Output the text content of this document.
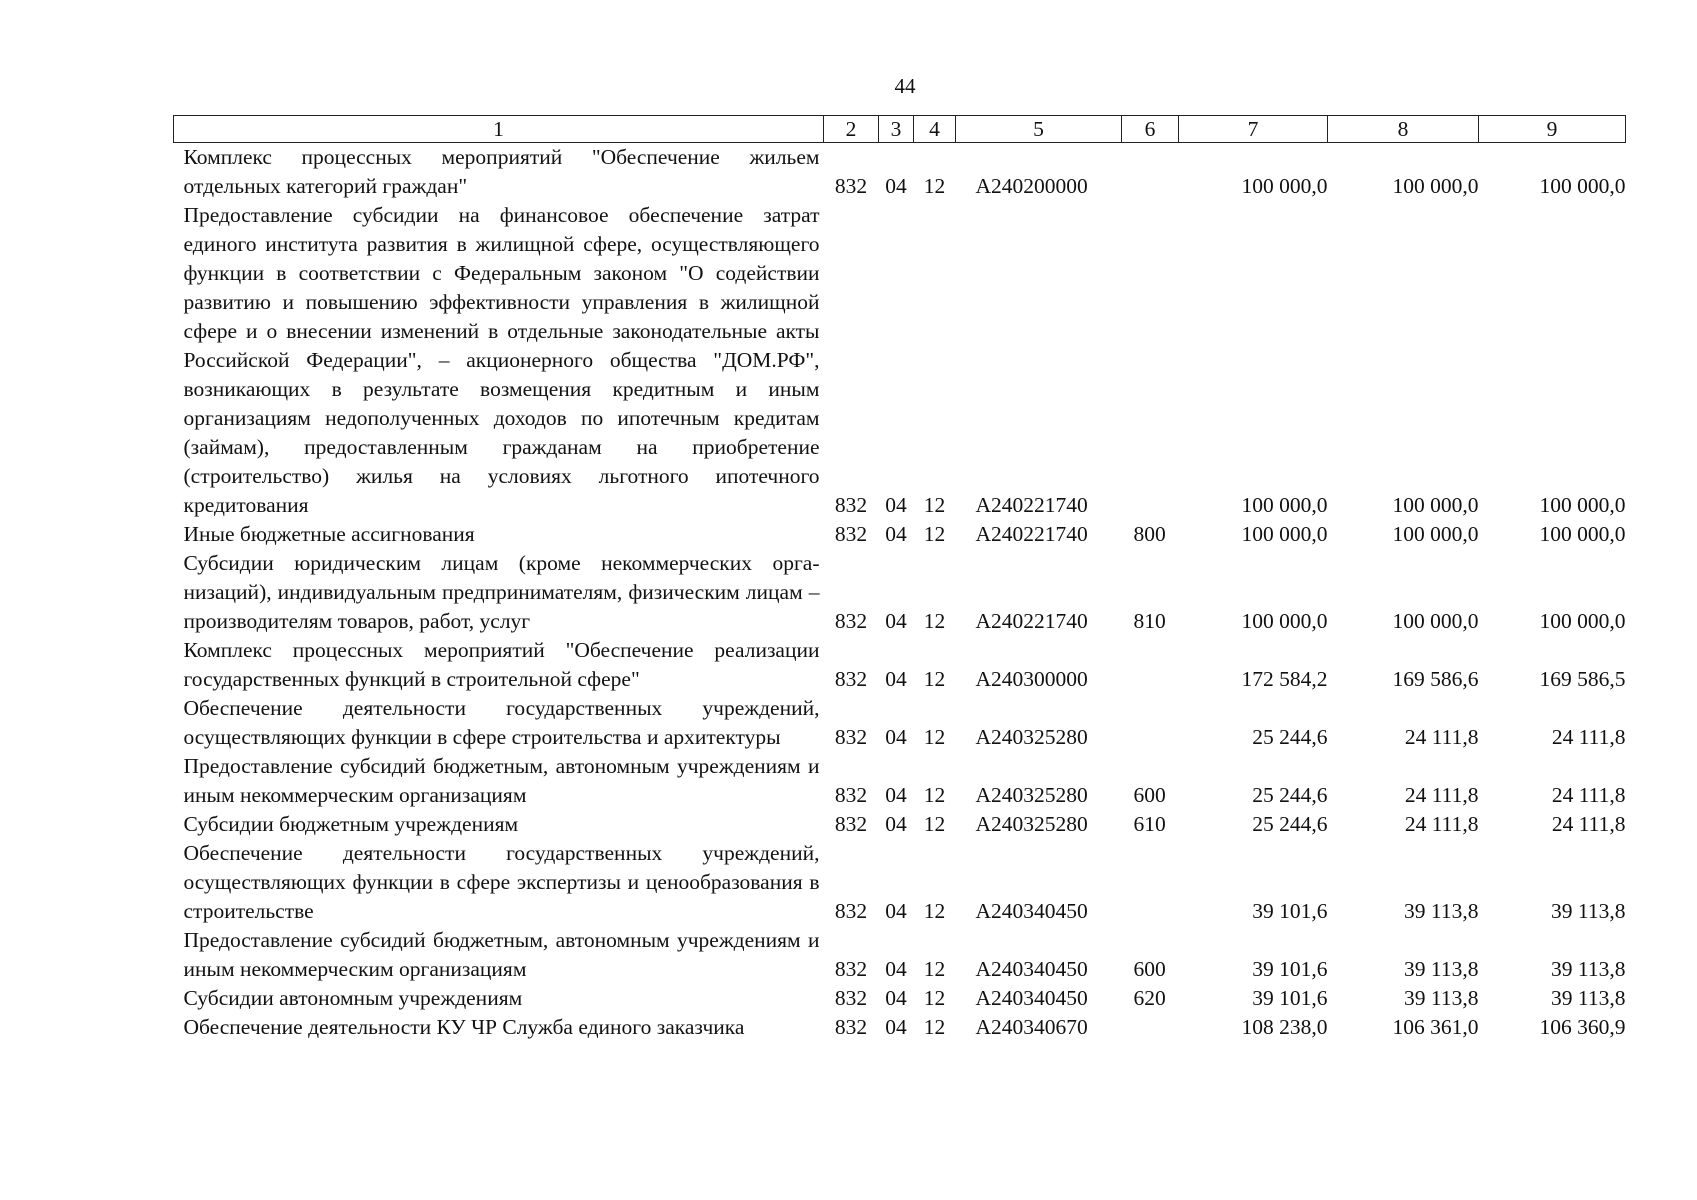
44
1	2	3	4	5	6	7	8	9
Комплекс процессных мероприятий "Обеспечение жильем отдельных категорий граждан"	832	04	12	А240200000		100 000,0	100 000,0	100 000,0
Предоставление субсидии на финансовое обеспечение затрат единого института развития в жилищной сфере, осуществляющего функции в соответствии с Федеральным законом "О содействии развитию и повышению эффективности управления в жилищной сфере и о внесении изменений в отдельные законодательные акты Российской Федерации", – акционерного общества "ДОМ.РФ", возникающих в результате возмещения кредитным и иным организациям недополученных доходов по ипотечным кредитам (займам), предоставленным гражданам на приобретение (строительство) жилья на условиях льготного ипотечного кредитования	832	04	12	А240221740		100 000,0	100 000,0	100 000,0
Иные бюджетные ассигнования	832	04	12	А240221740	800	100 000,0	100 000,0	100 000,0
Субсидии юридическим лицам (кроме некоммерческих организаций), индивидуальным предпринимателям, физическим лицам – производителям товаров, работ, услуг	832	04	12	А240221740	810	100 000,0	100 000,0	100 000,0
Комплекс процессных мероприятий "Обеспечение реализации государственных функций в строительной сфере"	832	04	12	А240300000		172 584,2	169 586,6	169 586,5
Обеспечение деятельности государственных учреждений, осуществляющих функции в сфере строительства и архитектуры	832	04	12	А240325280		25 244,6	24 111,8	24 111,8
Предоставление субсидий бюджетным, автономным учреждениям и иным некоммерческим организациям	832	04	12	А240325280	600	25 244,6	24 111,8	24 111,8
Субсидии бюджетным учреждениям	832	04	12	А240325280	610	25 244,6	24 111,8	24 111,8
Обеспечение деятельности государственных учреждений, осуществляющих функции в сфере экспертизы и ценообразования в строительстве	832	04	12	А240340450		39 101,6	39 113,8	39 113,8
Предоставление субсидий бюджетным, автономным учреждениям и иным некоммерческим организациям	832	04	12	А240340450	600	39 101,6	39 113,8	39 113,8
Субсидии автономным учреждениям	832	04	12	А240340450	620	39 101,6	39 113,8	39 113,8
Обеспечение деятельности КУ ЧР Служба единого заказчика	832	04	12	А240340670		108 238,0	106 361,0	106 360,9
